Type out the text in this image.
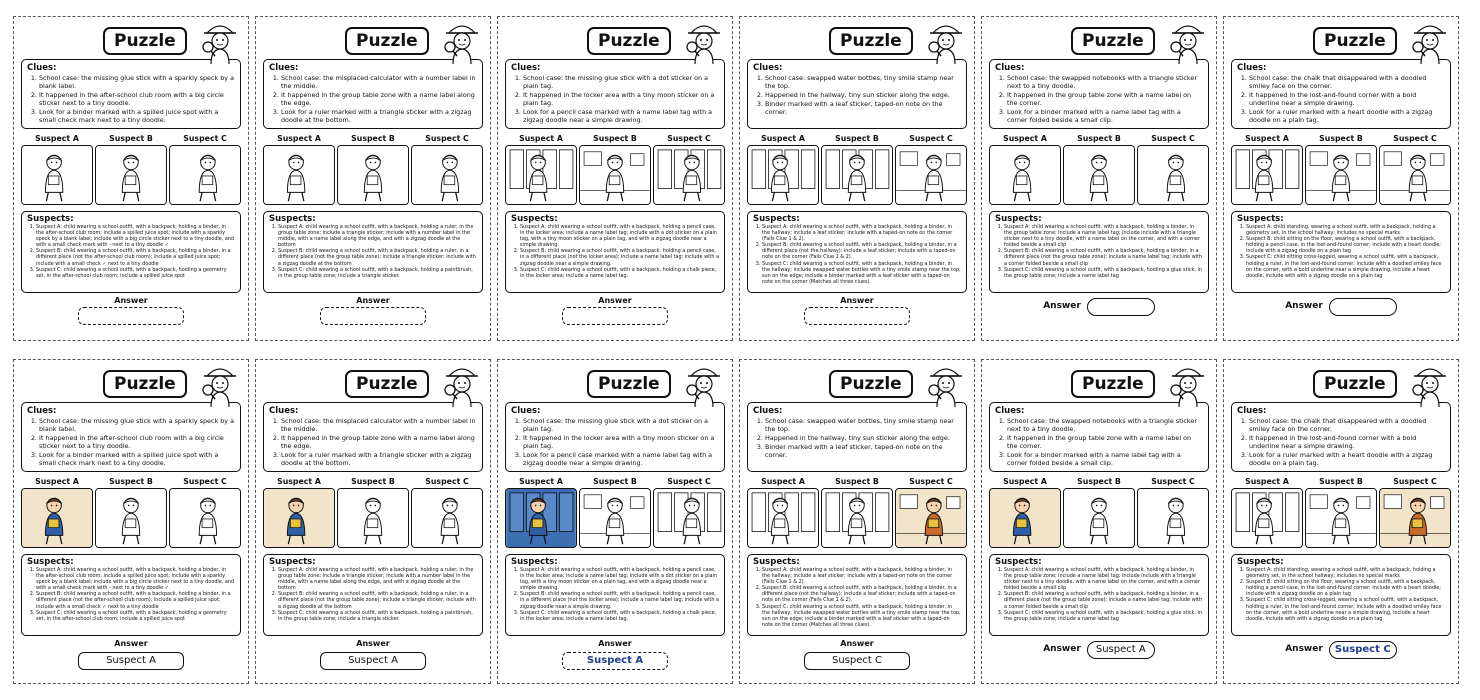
Puzzle
Clues:
1. School case: the missing glue stick with a sparkly speck by a blank label.
2. It happened in the after-school club room with a big circle sticker next to a tiny doodle.
3. Look for a binder marked with a spilled juice spot with a small check mark next to a tiny doodle.
Suspect A	Suspect B	Suspect C
Suspects:
1. Suspect A: child wearing a school outfit, with a backpack, holding a binder, in the after-school club room; include a spilled juice spot; include with a sparkly speck by a blank label; include with a big circle sticker next to a tiny doodle, and with a small check mark with - next to a tiny doodle ✓
2. Suspect B: child wearing a school outfit, with a backpack, holding a binder, in a different place (not the after-school club room); include a spilled juice spot; include with a small check ✓ next to a tiny doodle
3. Suspect C: child wearing a school outfit, with a backpack, holding a geometry set, in the after-school club room; include a spilled juice spot
Answer
Puzzle
Clues:
1. School case: the misplaced calculator with a number label in the middle.
2. It happened in the group table zone with a name label along the edge.
3. Look for a ruler marked with a triangle sticker with a zigzag doodle at the bottom.
Suspect A	Suspect B	Suspect C
Suspects:
1. Suspect A: child wearing a school outfit, with a backpack, holding a ruler, in the group table zone; include a triangle sticker; include with a number label in the middle, with a name label along the edge, and with a zigzag doodle at the bottom
2. Suspect B: child wearing a school outfit, with a backpack, holding a ruler, in a different place (not the group table zone); include a triangle sticker; include with a zigzag doodle at the bottom
3. Suspect C: child wearing a school outfit, with a backpack, holding a paintbrush, in the group table zone; include a triangle sticker.
Answer
Puzzle
Clues:
1. School case: the missing glue stick with a dot sticker on a plain tag.
2. It happened in the locker area with a tiny moon sticker on a plain tag.
3. Look for a pencil case marked with a name label tag with a zigzag doodle near a simple drawing.
Suspect A	Suspect B	Suspect C
Suspects:
1. Suspect A: child wearing a school outfit, with a backpack, holding a pencil case, in the locker area; include a name label tag; include with a dot sticker on a plain tag, with a tiny moon sticker on a plain tag, and with a zigzag doodle near a simple drawing.
2. Suspect B: child wearing a school outfit, with a backpack, holding a pencil case, in a different place (not the locker area); include a name label tag; include with a zigzag doodle near a simple drawing.
3. Suspect C: child wearing a school outfit, with a backpack, holding a chalk piece, in the locker area; include a name label tag.
Answer
Puzzle
Clues:
1. School case: swapped water bottles, tiny smile stamp near the top.
2. Happened in the hallway, tiny sun sticker along the edge.
3. Binder marked with a leaf sticker, taped-on note on the corner.
Suspect A	Suspect B	Suspect C
Suspects:
1. Suspect A: child wearing a school outfit, with a backpack, holding a binder, in the hallway; include a leaf sticker; include with a taped-on note on the corner (Fails Clue 1 & 2).
2. Suspect B: child wearing a school outfit, with a backpack, holding a binder, in a different place (not the hallway); include a leaf sticker; include with a taped-on note on the corner (Fails Clue 1 & 2).
3. Suspect C: child wearing a school outfit, with a backpack, holding a binder, in the hallway; include swapped water bottles with a tiny smile stamp near the top, sun on the edge; include a binder marked with a leaf sticker with a taped-on note on the corner (Matches all three clues).
Answer
Puzzle
Clues:
1. School case: the swapped notebooks with a triangle sticker next to a tiny doodle.
2. It happened in the group table zone with a name label on the corner.
3. Look for a binder marked with a name label tag with a corner folded beside a small clip.
Suspect A	Suspect B	Suspect C
Suspects:
1. Suspect A: child wearing a school outfit, with a backpack, holding a binder, in the group table zone; include a name label tag; include include with a triangle sticker next to a tiny doodle, with a name label on the corner, and with a corner folded beside a small clip
2. Suspect B: child wearing a school outfit, with a backpack, holding a binder, in a different place (not the group table zone); include a name label tag; include with a corner folded beside a small clip
3. Suspect C: child wearing a school outfit, with a backpack, holding a glue stick, in the group table zone; include a name label tag
Answer
Puzzle
Clues:
1. School case: the chalk that disappeared with a doodled smiley face on the corner.
2. It happened in the lost-and-found corner with a bold underline near a simple drawing.
3. Look for a ruler marked with a heart doodle with a zigzag doodle on a plain tag.
Suspect A	Suspect B	Suspect C
Suspects:
1. Suspect A: child standing, wearing a school outfit, with a backpack, holding a geometry set, in the school hallway; includes no special marks
2. Suspect B: child sitting on the floor, wearing a school outfit, with a backpack, holding a pencil case, in the lost-and-found corner; include with a heart doodle; include with a zigzag doodle on a plain tag
3. Suspect C: child sitting cross-legged, wearing a school outfit, with a backpack, holding a ruler, in the lost-and-found corner; include with a doodled smiley face on the corner, with a bold underline near a simple drawing, include a heart doodle, include with with a zigzag doodle on a plain tag
Answer
Puzzle
Clues:
1. School case: the missing glue stick with a sparkly speck by a blank label.
2. It happened in the after-school club room with a big circle sticker next to a tiny doodle.
3. Look for a binder marked with a spilled juice spot with a small check mark next to a tiny doodle.
Suspect A	Suspect B	Suspect C
Suspects:
1. Suspect A: child wearing a school outfit, with a backpack, holding a binder, in the after-school club room; include a spilled juice spot; include with a sparkly speck by a blank label; include with a big circle sticker next to a tiny doodle, and with a small check mark with - next to a tiny doodle ✓
2. Suspect B: child wearing a school outfit, with a backpack, holding a binder, in a different place (not the after-school club room); include a spilled juice spot; include with a small check ✓ next to a tiny doodle
3. Suspect C: child wearing a school outfit, with a backpack, holding a geometry set, in the after-school club room; include a spilled juice spot
Answer
Suspect A
Puzzle
Clues:
1. School case: the misplaced calculator with a number label in the middle.
2. It happened in the group table zone with a name label along the edge.
3. Look for a ruler marked with a triangle sticker with a zigzag doodle at the bottom.
Suspect A	Suspect B	Suspect C
Suspects:
1. Suspect A: child wearing a school outfit, with a backpack, holding a ruler, in the group table zone; include a triangle sticker; include with a number label in the middle, with a name label along the edge, and with a zigzag doodle at the bottom
2. Suspect B: child wearing a school outfit, with a backpack, holding a ruler, in a different place (not the group table zone); include a triangle sticker; include with a zigzag doodle at the bottom
3. Suspect C: child wearing a school outfit, with a backpack, holding a paintbrush, in the group table zone; include a triangle sticker.
Answer
Suspect A
Puzzle
Clues:
1. School case: the missing glue stick with a dot sticker on a plain tag.
2. It happened in the locker area with a tiny moon sticker on a plain tag.
3. Look for a pencil case marked with a name label tag with a zigzag doodle near a simple drawing.
Suspect A	Suspect B	Suspect C
Suspects:
1. Suspect A: child wearing a school outfit, with a backpack, holding a pencil case, in the locker area; include a name label tag; include with a dot sticker on a plain tag, with a tiny moon sticker on a plain tag, and with a zigzag doodle near a simple drawing.
2. Suspect B: child wearing a school outfit, with a backpack, holding a pencil case, in a different place (not the locker area); include a name label tag; include with a zigzag doodle near a simple drawing.
3. Suspect C: child wearing a school outfit, with a backpack, holding a chalk piece, in the locker area; include a name label tag.
Answer
Suspect A
Puzzle
Clues:
1. School case: swapped water bottles, tiny smile stamp near the top.
2. Happened in the hallway, tiny sun sticker along the edge.
3. Binder marked with a leaf sticker, taped-on note on the corner.
Suspect A	Suspect B	Suspect C
Suspects:
1. Suspect A: child wearing a school outfit, with a backpack, holding a binder, in the hallway; include a leaf sticker; include with a taped-on note on the corner (Fails Clue 1 & 2).
2. Suspect B: child wearing a school outfit, with a backpack, holding a binder, in a different place (not the hallway); include a leaf sticker; include with a taped-on note on the corner (Fails Clue 1 & 2).
3. Suspect C: child wearing a school outfit, with a backpack, holding a binder, in the hallway; include swapped water bottles with a tiny smile stamp near the top, sun on the edge; include a binder marked with a leaf sticker with a taped-on note on the corner (Matches all three clues).
Answer
Suspect C
Puzzle
Clues:
1. School case: the swapped notebooks with a triangle sticker next to a tiny doodle.
2. It happened in the group table zone with a name label on the corner.
3. Look for a binder marked with a name label tag with a corner folded beside a small clip.
Suspect A	Suspect B	Suspect C
Suspects:
1. Suspect A: child wearing a school outfit, with a backpack, holding a binder, in the group table zone; include a name label tag; include include with a triangle sticker next to a tiny doodle, with a name label on the corner, and with a corner folded beside a small clip
2. Suspect B: child wearing a school outfit, with a backpack, holding a binder, in a different place (not the group table zone); include a name label tag; include with a corner folded beside a small clip
3. Suspect C: child wearing a school outfit, with a backpack, holding a glue stick, in the group table zone; include a name label tag
Answer	Suspect A
Puzzle
Clues:
1. School case: the chalk that disappeared with a doodled smiley face on the corner.
2. It happened in the lost-and-found corner with a bold underline near a simple drawing.
3. Look for a ruler marked with a heart doodle with a zigzag doodle on a plain tag.
Suspect A	Suspect B	Suspect C
Suspects:
1. Suspect A: child standing, wearing a school outfit, with a backpack, holding a geometry set, in the school hallway; includes no special marks
2. Suspect B: child sitting on the floor, wearing a school outfit, with a backpack, holding a pencil case, in the lost-and-found corner; include with a heart doodle; include with a zigzag doodle on a plain tag
3. Suspect C: child sitting cross-legged, wearing a school outfit, with a backpack, holding a ruler, in the lost-and-found corner; include with a doodled smiley face on the corner, with a bold underline near a simple drawing, include a heart doodle, include with with a zigzag doodle on a plain tag
Answer	Suspect C
